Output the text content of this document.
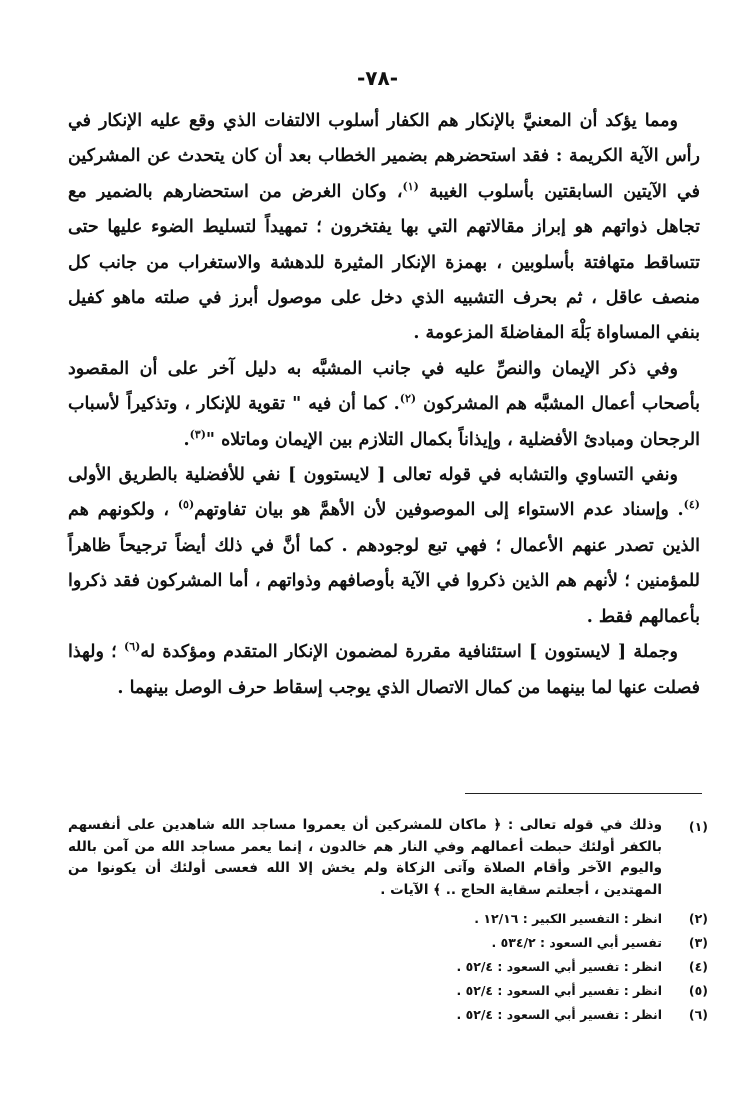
-٧٨-

ومما يؤكد أن المعنيَّ بالإنكار هم الكفار أسلوب الالتفات الذي وقع عليه الإنكار في رأس الآية الكريمة : فقد استحضرهم بضمير الخطاب بعد أن كان يتحدث عن المشركين في الآيتين السابقتين بأسلوب الغيبة $^{(١)}$، وكان الغرض من استحضارهم بالضمير مع تجاهل ذواتهم هو إبراز مقالاتهم التي بها يفتخرون ؛ تمهيداً لتسليط الضوء عليها حتى تتساقط متهافتة بأسلوبين ، بهمزة الإنكار المثيرة للدهشة والاستغراب من جانب كل منصف عاقل ، ثم بحرف التشبيه الذي دخل على موصول أبرز في صلته ماهو كفيل بنفي المساواة بَلْهَ المفاضلةَ المزعومة .

وفي ذكر الإيمان والنصِّ عليه في جانب المشبَّه به دليل آخر على أن المقصود بأصحاب أعمال المشبَّه هم المشركون $^{(٢)}$. كما أن فيه " تقوية للإنكار ، وتذكيراً لأسباب الرجحان ومبادئ الأفضلية ، وإيذاناً بكمال التلازم بين الإيمان وماتلاه "$^{(٣)}$.

ونفي التساوي والتشابه في قوله تعالى [ لايستوون ] نفي للأفضلية بالطريق الأولى $^{(٤)}$. وإسناد عدم الاستواء إلى الموصوفين لأن الأهمَّ هو بيان تفاوتهم$^{(٥)}$ ، ولكونهم هم الذين تصدر عنهم الأعمال ؛ فهي تبع لوجودهم . كما أنَّ في ذلك أيضاً ترجيحاً ظاهراً للمؤمنين ؛ لأنهم هم الذين ذكروا في الآية بأوصافهم وذواتهم ، أما المشركون فقد ذكروا بأعمالهم فقط .

وجملة [ لايستوون ] استئنافية مقررة لمضمون الإنكار المتقدم ومؤكدة له$^{(٦)}$ ؛ ولهذا فصلت عنها لما بينهما من كمال الاتصال الذي يوجب إسقاط حرف الوصل بينهما .

(١)
وذلك في قوله تعالى : ﴿ ماكان للمشركين أن يعمروا مساجد الله شاهدين على أنفسهم بالكفر أولئك حبطت أعمالهم وفي النار هم خالدون ، إنما يعمر مساجد الله من آمن بالله واليوم الآخر وأقام الصلاة وآتى الزكاة ولم يخش إلا الله فعسى أولئك أن يكونوا من المهتدين ، أجعلتم سقاية الحاج .. ﴾ الآيات .
(٢)
انظر : التفسير الكبير : ١٢/١٦ .
(٣)
تفسير أبي السعود : ٥٣٤/٢ .
(٤)
انظر : تفسير أبي السعود : ٥٢/٤ .
(٥)
انظر : تفسير أبي السعود : ٥٢/٤ .
(٦)
انظر : تفسير أبي السعود : ٥٢/٤ .
